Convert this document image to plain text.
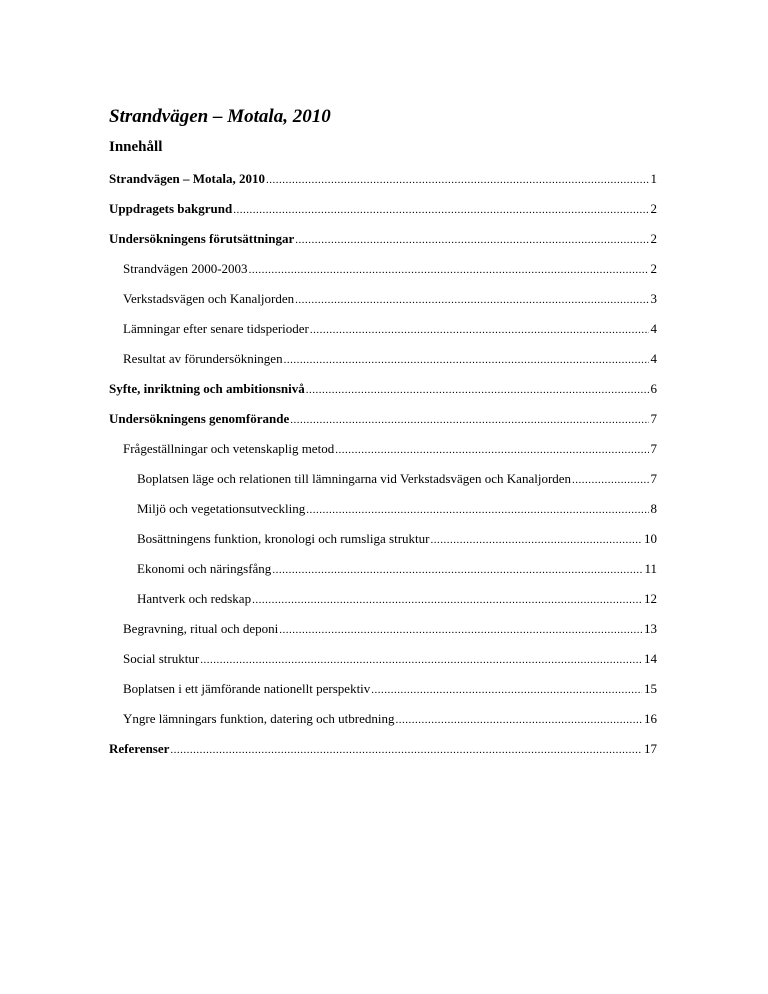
Strandvägen – Motala, 2010
Innehåll
Strandvägen – Motala, 2010 .....	1
Uppdragets bakgrund .....	2
Undersökningens förutsättningar .....	2
Strandvägen 2000-2003 .....	2
Verkstadsvägen och Kanaljorden .....	3
Lämningar efter senare tidsperioder .....	4
Resultat av förundersökningen .....	4
Syfte, inriktning och ambitionsnivå .....	6
Undersökningens genomförande .....	7
Frågeställningar och vetenskaplig metod .....	7
Boplatsen läge och relationen till lämningarna vid Verkstadsvägen och Kanaljorden .....	7
Miljö och vegetationsutveckling .....	8
Bosättningens funktion, kronologi och rumsliga struktur .....	10
Ekonomi och näringsfång .....	11
Hantverk och redskap .....	12
Begravning, ritual och deponi .....	13
Social struktur .....	14
Boplatsen i ett jämförande nationellt perspektiv .....	15
Yngre lämningars funktion, datering och utbredning .....	16
Referenser .....	17
